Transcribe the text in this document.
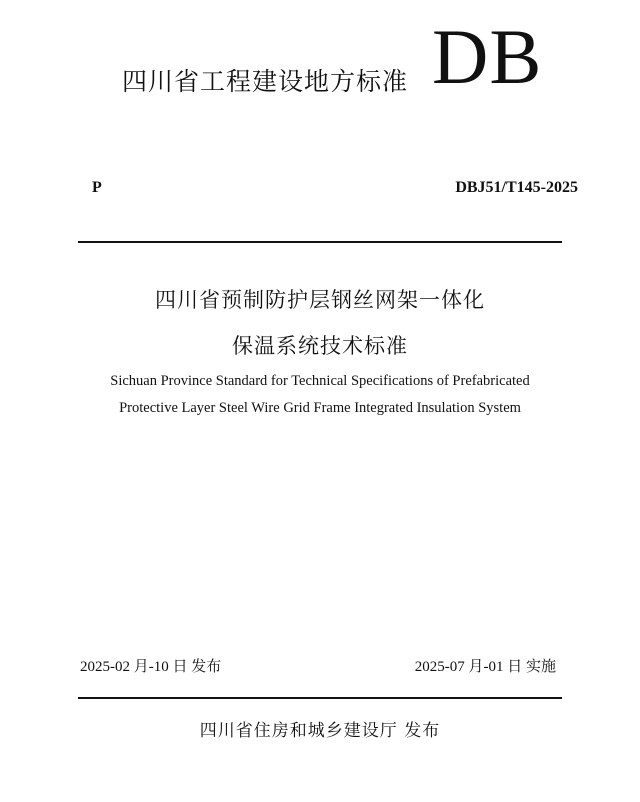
四川省工程建设地方标准 DB
P	DBJ51/T145-2025
四川省预制防护层钢丝网架一体化
保温系统技术标准
Sichuan Province Standard for Technical Specifications of Prefabricated
Protective Layer Steel Wire Grid Frame Integrated Insulation System
2025-02 月-10 日 发布	2025-07 月-01 日 实施
四川省住房和城乡建设厅 发布
